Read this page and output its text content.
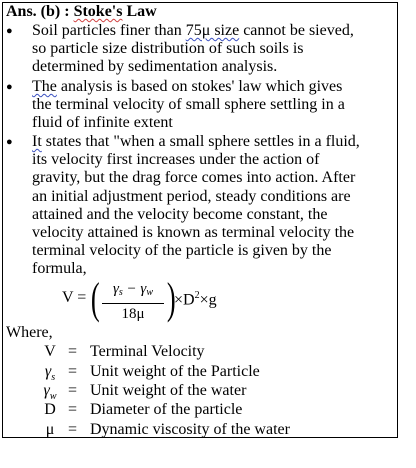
Ans. (b) : Stoke's Law
● Soil particles finer than 75μ size cannot be sieved,
so particle size distribution of such soils is
determined by sedimentation analysis.
● The analysis is based on stokes' law which gives
the terminal velocity of small sphere settling in a
fluid of infinite extent
● It states that "when a small sphere settles in a fluid,
its velocity first increases under the action of
gravity, but the drag force comes into action. After
an initial adjustment period, steady conditions are
attained and the velocity become constant, the
velocity attained is known as terminal velocity the
terminal velocity of the particle is given by the
formula,
V = ( $\frac{\gamma_s - \gamma_w}{18\mu}$ )
$\times D^2\times g$
Where,
V = Terminal Velocity
$\gamma_s$ = Unit weight of the Particle
$\gamma_w$ = Unit weight of the water
D = Diameter of the particle
μ = Dynamic viscosity of the water
